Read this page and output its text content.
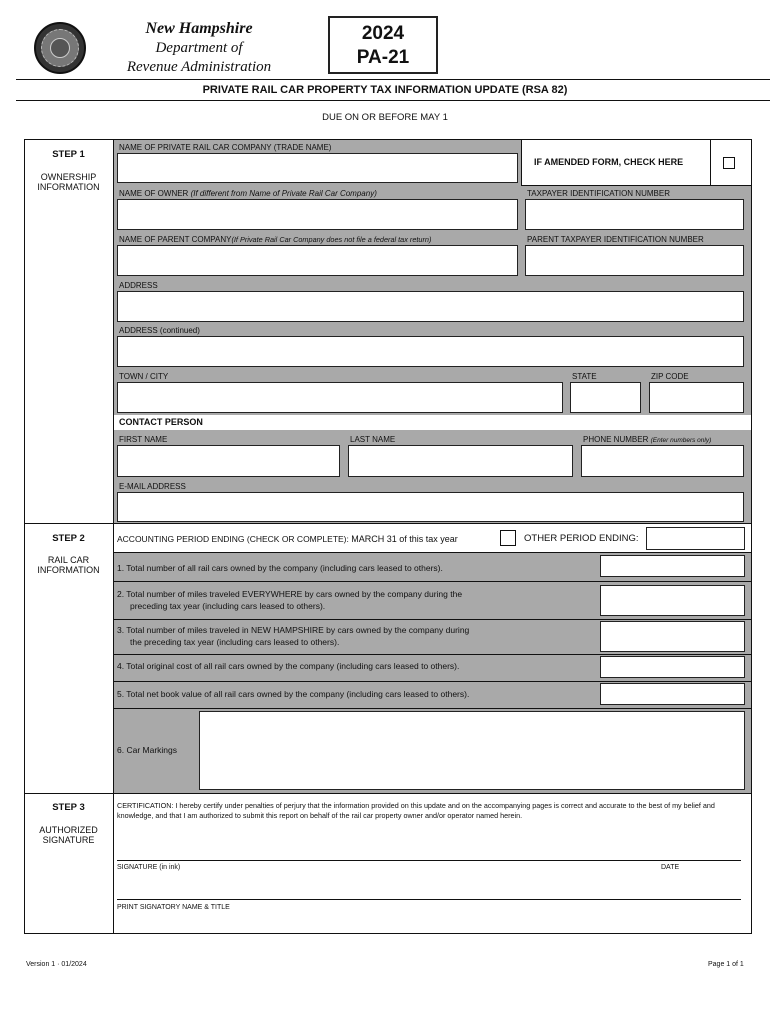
New Hampshire
Department of
Revenue Administration
2024
PA-21
PRIVATE RAIL CAR PROPERTY TAX INFORMATION UPDATE (RSA 82)
DUE ON OR BEFORE MAY 1
STEP 1
OWNERSHIP
INFORMATION
NAME OF PRIVATE RAIL CAR COMPANY (TRADE NAME)
IF AMENDED FORM, CHECK HERE
NAME OF OWNER (If different from Name of Private Rail Car Company)	TAXPAYER IDENTIFICATION NUMBER
NAME OF PARENT COMPANY(If Private Rail Car Company does not file a federal tax return)	PARENT TAXPAYER IDENTIFICATION NUMBER
ADDRESS
ADDRESS (continued)
TOWN / CITY	STATE	ZIP CODE
CONTACT PERSON
FIRST NAME	LAST NAME	PHONE NUMBER (Enter numbers only)
E-MAIL ADDRESS
STEP 2
RAIL CAR
INFORMATION
ACCOUNTING PERIOD ENDING (CHECK OR COMPLETE): MARCH 31 of this tax year	OTHER PERIOD ENDING:
1. Total number of all rail cars owned by the company (including cars leased to others).
2. Total number of miles traveled EVERYWHERE by cars owned by the company during the
preceding tax year (including cars leased to others).
3. Total number of miles traveled in NEW HAMPSHIRE by cars owned by the company during
the preceding tax year (including cars leased to others).
4. Total original cost of all rail cars owned by the company (including cars leased to others).
5. Total net book value of all rail cars owned by the company (including cars leased to others).
6. Car Markings
STEP 3
AUTHORIZED
SIGNATURE
CERTIFICATION: I hereby certify under penalties of perjury that the information provided on this update and on the accompanying pages is correct and accurate to the best of my belief and knowledge, and that I am authorized to submit this report on behalf of the rail car property owner and/or operator named herein.
SIGNATURE (in ink)	DATE
PRINT SIGNATORY NAME & TITLE
Version 1 · 01/2024	Page 1 of 1
